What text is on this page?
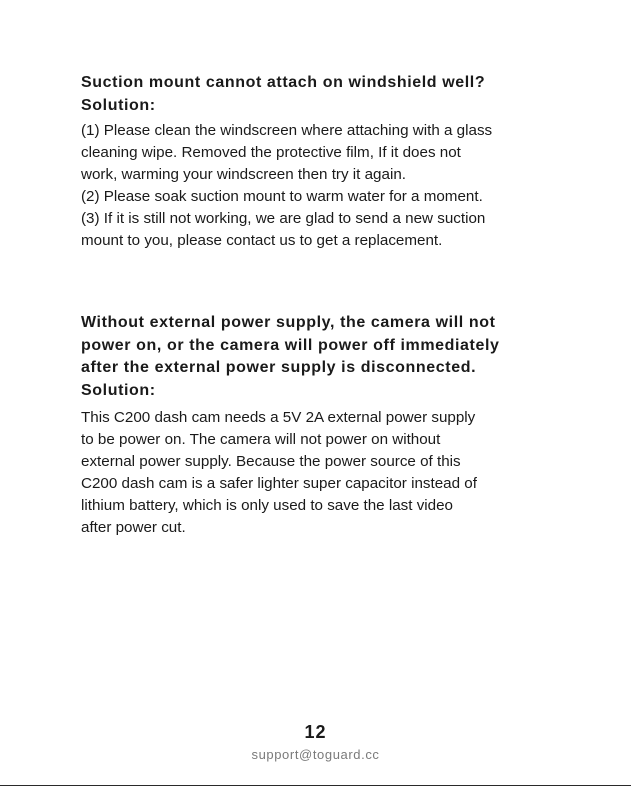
Suction mount cannot attach on windshield well?

Solution:

(1) Please clean the windscreen where attaching with a glass
cleaning wipe. Removed the protective film, If it does not
work, warming your windscreen then try it again.

(2) Please soak suction mount to warm water for a moment.

(3) If it is still not working, we are glad to send a new suction
mount to you, please contact us to get a replacement.

Without external power supply, the camera will not

power on, or the camera will power off immediately

after the external power supply is disconnected.

Solution:

This C200 dash cam needs a 5V 2A external power supply
to be power on. The camera will not power on without
external power supply. Because the power source of this
C200 dash cam is a safer lighter super capacitor instead of
lithium battery, which is only used to save the last video
after power cut.

12

support@toguard.cc
